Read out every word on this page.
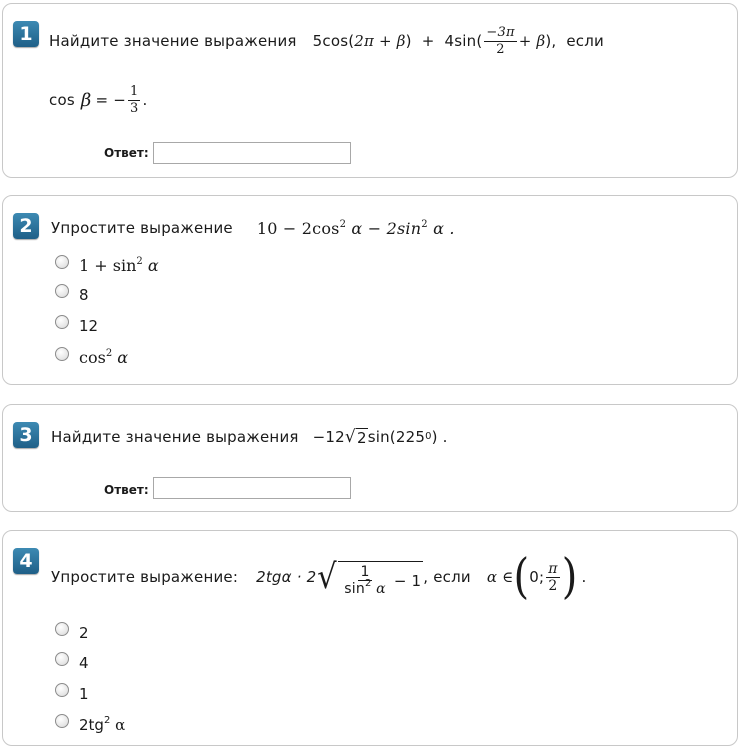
1	Найдите значение выражения 5cos( 2π + β ) + $4\sin( \frac{-3\pi}{2} + \beta$ ), если
cos β = − $\frac{1}{3}$ .
Ответ:
2	Упростите выражение $10 - 2\cos^2$ $\alpha - 2\sin^2$ α .
$1 + \sin^2 \alpha$
8
12
$\cos^2 \alpha$
3	Найдите значение выражения −12 √ 2 sin(225 0 ) .
Ответ:
4
Упростите выражение: 2tgα · 2 √ $\frac{1}{\sin^2 \alpha} - 1$ , если α ∈ ( 0; $\frac{\pi}{2}$ ) .
2
4
1
$2tg^2$ α
